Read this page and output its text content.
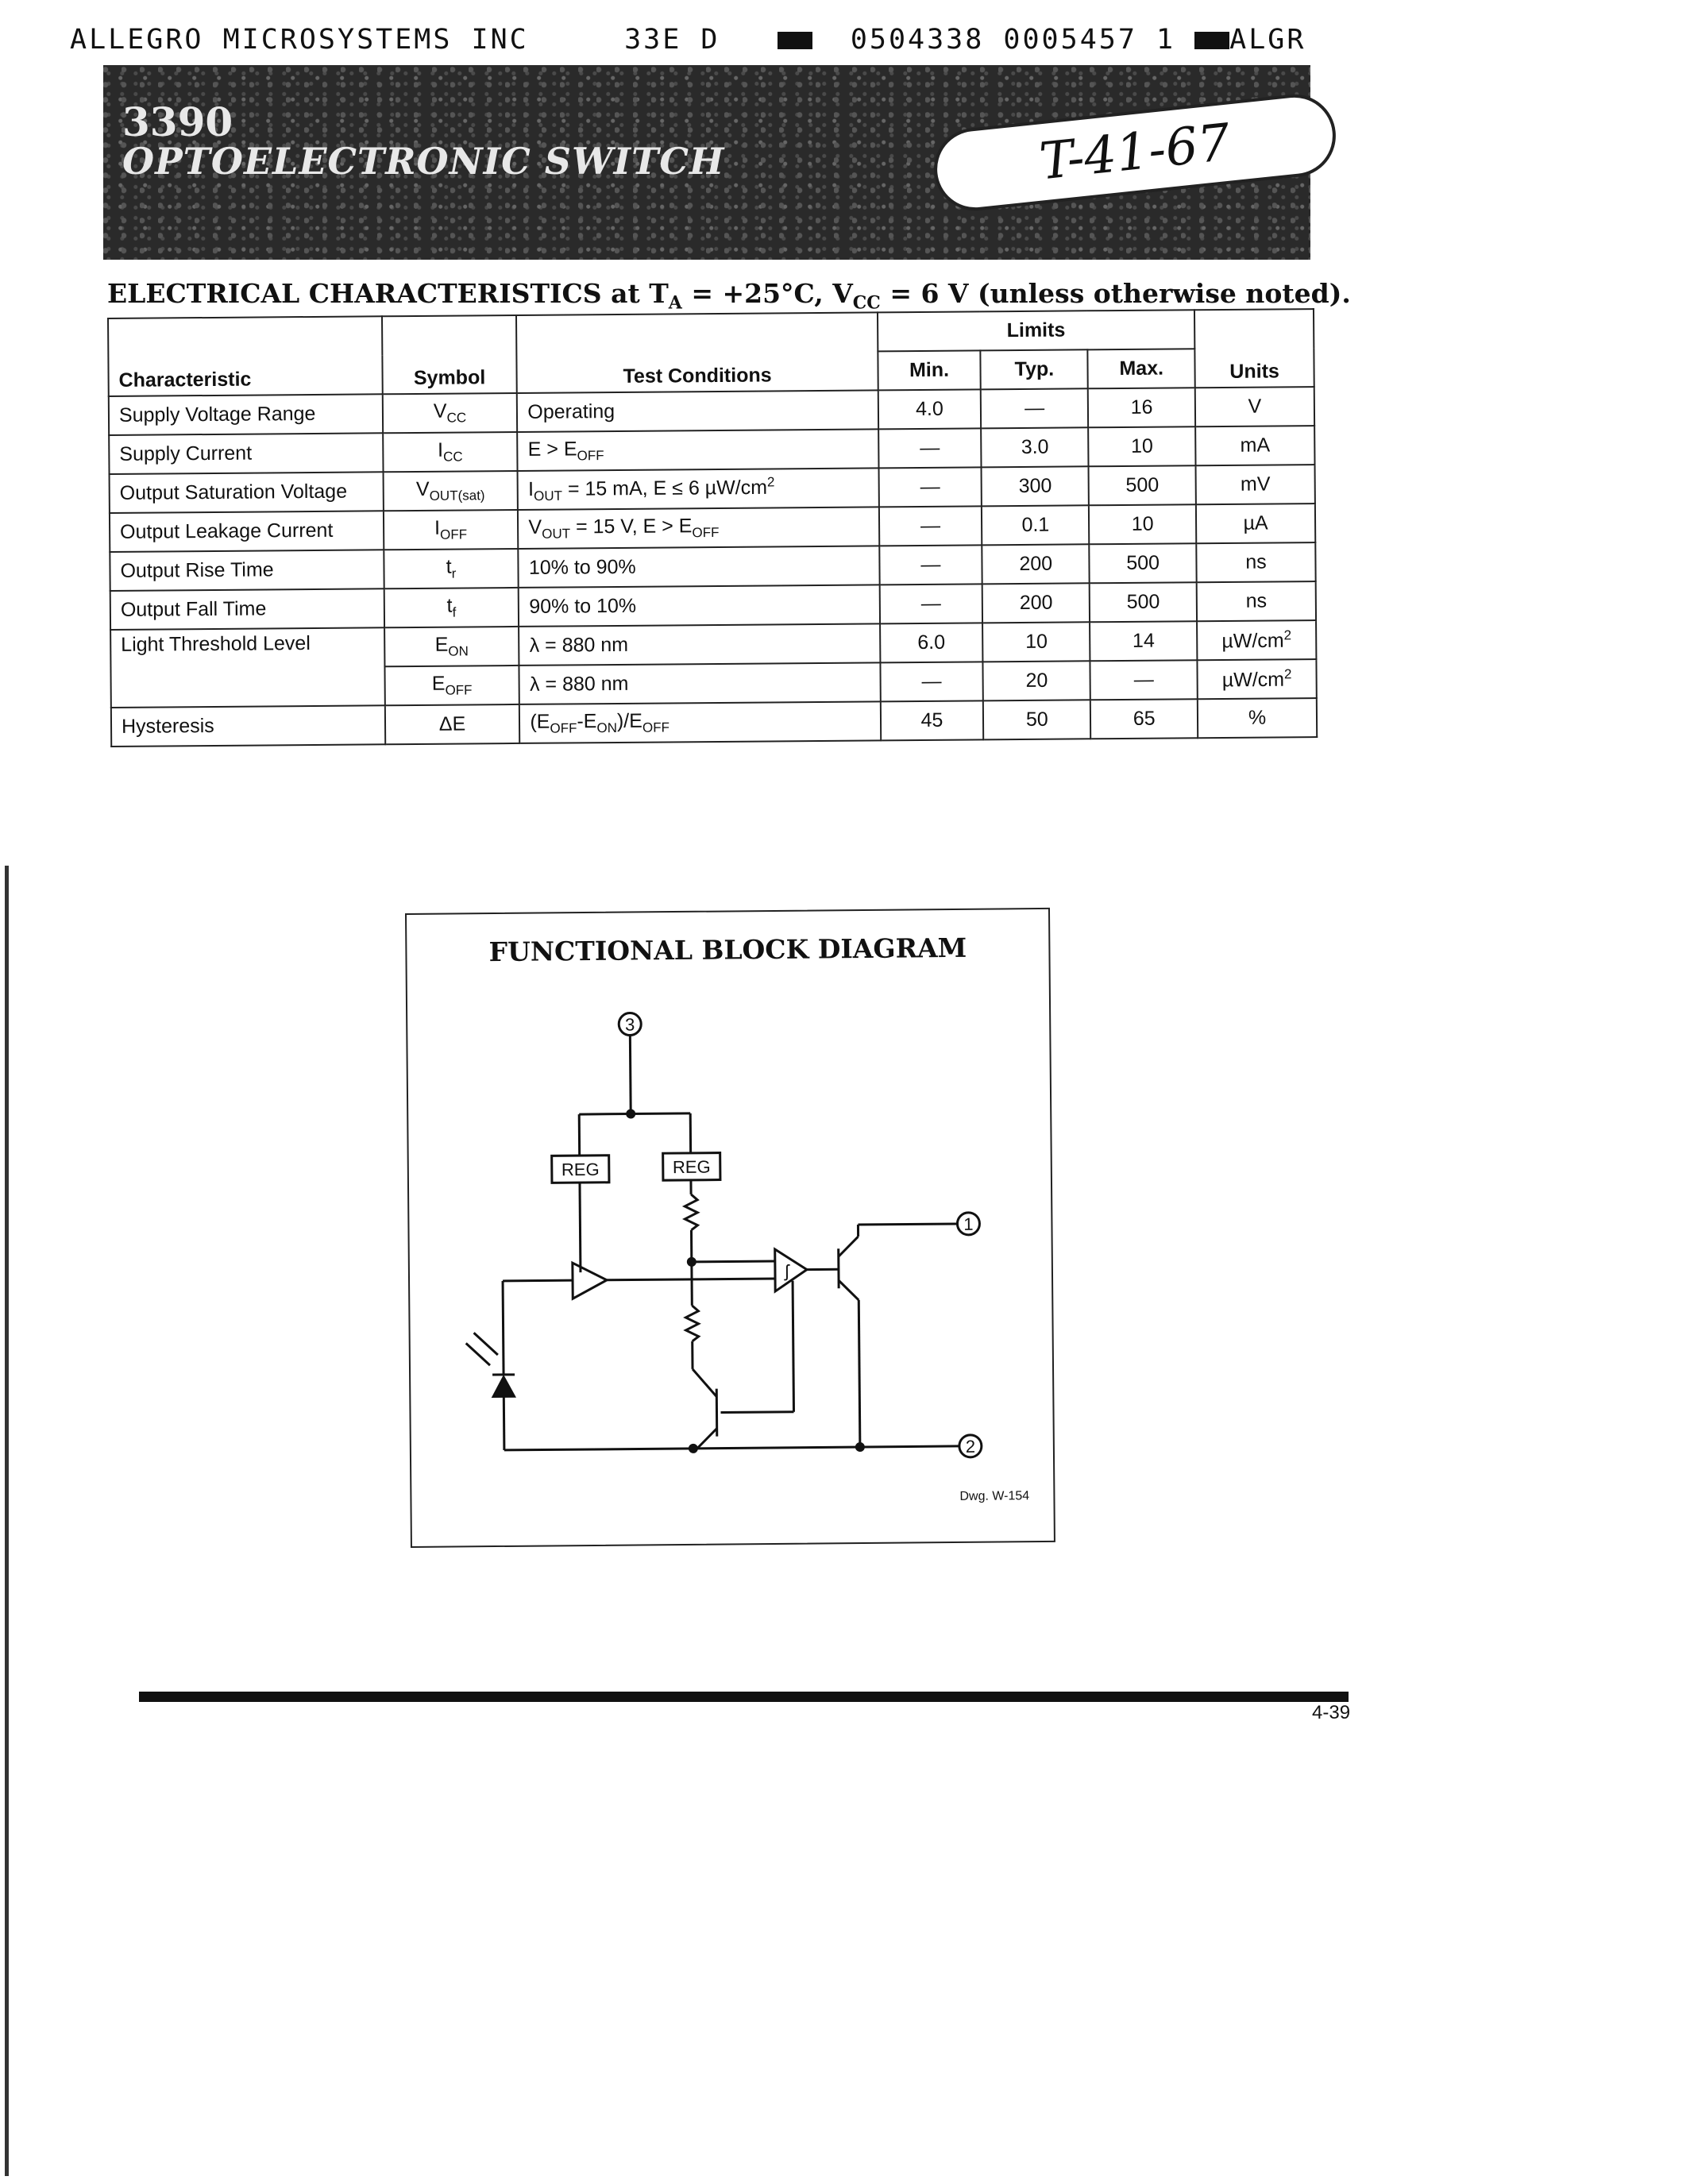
ALLEGRO MICROSYSTEMS INC	33E D	0504338 0005457 1 ALGR
3390
OPTOELECTRONIC SWITCH	T-41-67
ELECTRICAL CHARACTERISTICS at $T_A = +25^\circ C$, $V_{CC} = 6$ V (unless otherwise noted).
Characteristic	Symbol	Test Conditions	Limits			Units
			Min.	Typ.	Max.	
Supply Voltage Range	$V_{CC}$	Operating	4.0	—	16	V
Supply Current	$I_{CC}$	$E > E_{OFF}$	—	3.0	10	mA
Output Saturation Voltage	$V_{OUT(sat)}$	$I_{OUT} = 15$ mA, E ≤ 6 $\mu W/cm^2$	—	300	500	mV
Output Leakage Current	$I_{OFF}$	$V_{OUT} = 15$ V, $E > E_{OFF}$	—	0.1	10	µA
Output Rise Time	$t_r$	10% to 90%	—	200	500	ns
Output Fall Time	$t_f$	90% to 10%	—	200	500	ns
Light Threshold Level	$E_{ON}$	λ = 880 nm	6.0	10	14	$\mu W/cm^2$
	$E_{OFF}$	λ = 880 nm	—	20	—	$\mu W/cm^2$
Hysteresis	ΔE	$(E_{OFF}-E_{ON})/E_{OFF}$	45	50	65	%
FUNCTIONAL BLOCK DIAGRAM
REG	REG
3
1
2
ʃ
Dwg. W-154
4-39
